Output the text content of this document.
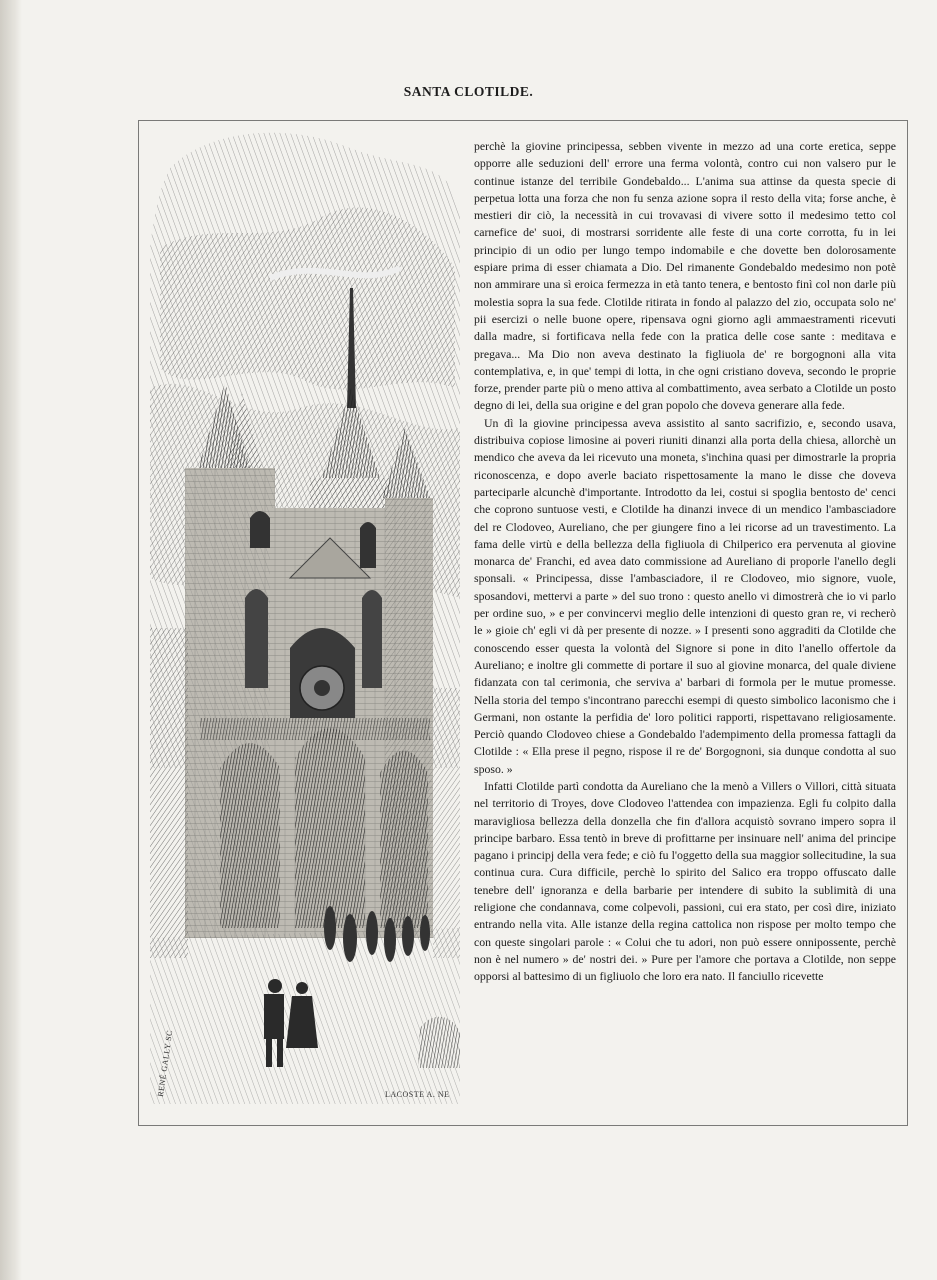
SANTA CLOTILDE.
RENÉ GALLY SC	LACOSTE A. NE

perchè la giovine principessa, sebben vivente in mezzo ad una corte eretica, seppe opporre alle seduzioni dell' errore una ferma volontà, contro cui non valsero pur le continue istanze del terribile Gondebaldo... L'anima sua attinse da questa specie di perpetua lotta una forza che non fu senza azione sopra il resto della vita; forse anche, è mestieri dir ciò, la necessità in cui trovavasi di vivere sotto il medesimo tetto col carnefice de' suoi, di mostrarsi sorridente alle feste di una corte corrotta, fu in lei principio di un odio per lungo tempo indomabile e che dovette ben dolorosamente espiare prima di esser chiamata a Dio. Del rimanente Gondebaldo medesimo non potè non ammirare una sì eroica fermezza in età tanto tenera, e bentosto finì col non darle più molestia sopra la sua fede. Clotilde ritirata in fondo al palazzo del zio, occupata solo ne' pii esercizi o nelle buone opere, ripensava ogni giorno agli ammaestramenti ricevuti dalla madre, si fortificava nella fede con la pratica delle cose sante : meditava e pregava... Ma Dio non aveva destinato la figliuola de' re borgognoni alla vita contemplativa, e, in que' tempi di lotta, in che ogni cristiano doveva, secondo le proprie forze, prender parte più o meno attiva al combattimento, avea serbato a Clotilde un posto degno di lei, della sua origine e del gran popolo che doveva generare alla fede.

Un dì la giovine principessa aveva assistito al santo sacrifizio, e, secondo usava, distribuiva copiose limosine ai poveri riuniti dinanzi alla porta della chiesa, allorchè un mendico che aveva da lei ricevuto una moneta, s'inchina quasi per dimostrarle la propria riconoscenza, e dopo averle baciato rispettosamente la mano le disse che doveva parteciparle alcunchè d'importante. Introdotto da lei, costui si spoglia bentosto de' cenci che coprono suntuose vesti, e Clotilde ha dinanzi invece di un mendico l'ambasciadore del re Clodoveo, Aureliano, che per giungere fino a lei ricorse ad un travestimento. La fama delle virtù e della bellezza della figliuola di Chilperico era pervenuta al giovine monarca de' Franchi, ed avea dato commissione ad Aureliano di proporle l'anello degli sponsali. « Principessa, disse l'ambasciadore, il re Clodoveo, mio signore, vuole, sposandovi, mettervi a parte » del suo trono : questo anello vi dimostrerà che io vi parlo per ordine suo, » e per convincervi meglio delle intenzioni di questo gran re, vi recherò le » gioie ch' egli vi dà per presente di nozze. » I presenti sono aggraditi da Clotilde che conoscendo esser questa la volontà del Signore si pone in dito l'anello offertole da Aureliano; e inoltre gli commette di portare il suo al giovine monarca, del quale diviene fidanzata con tal cerimonia, che serviva a' barbari di formola per le mutue promesse. Nella storia del tempo s'incontrano parecchi esempi di questo simbolico laconismo che i Germani, non ostante la perfidia de' loro politici rapporti, rispettavano religiosamente. Perciò quando Clodoveo chiese a Gondebaldo l'adempimento della promessa fattagli da Clotilde : « Ella prese il pegno, rispose il re de' Borgognoni, sia dunque condotta al suo sposo. »

Infatti Clotilde partì condotta da Aureliano che la menò a Villers o Villori, città situata nel territorio di Troyes, dove Clodoveo l'attendea con impazienza. Egli fu colpito dalla maravigliosa bellezza della donzella che fin d'allora acquistò sovrano impero sopra il principe barbaro. Essa tentò in breve di profittarne per insinuare nell' anima del principe pagano i principj della vera fede; e ciò fu l'oggetto della sua maggior sollecitudine, la sua continua cura. Cura difficile, perchè lo spirito del Salico era troppo offuscato dalle tenebre dell' ignoranza e della barbarie per intendere di subito la sublimità di una religione che condannava, come colpevoli, passioni, cui era stato, per così dire, iniziato entrando nella vita. Alle istanze della regina cattolica non rispose per molto tempo che con queste singolari parole : « Colui che tu adori, non può essere onnipossente, perchè non è nel numero » de' nostri dei. » Pure per l'amore che portava a Clotilde, non seppe opporsi al battesimo di un figliuolo che loro era nato. Il fanciullo ricevette
